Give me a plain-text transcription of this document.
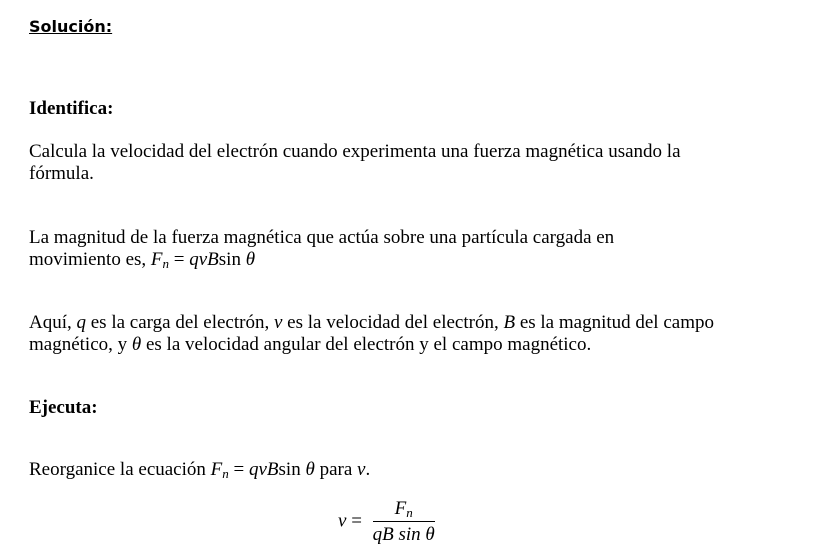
Solución:
Identifica:
Calcula la velocidad del electrón cuando experimenta una fuerza magnética usando la fórmula.
La magnitud de la fuerza magnética que actúa sobre una partícula cargada en
movimiento es, $F_n = qvBsin$ θ
Aquí, q es la carga del electrón, v es la velocidad del electrón, B es la magnitud del campo magnético, y θ es la velocidad angular del electrón y el campo magnético.
Ejecuta:
Reorganice la ecuación $F_n = qvBsin$ θ para v.
$v = \frac{F_n}{\text{qB sin θ}}$
